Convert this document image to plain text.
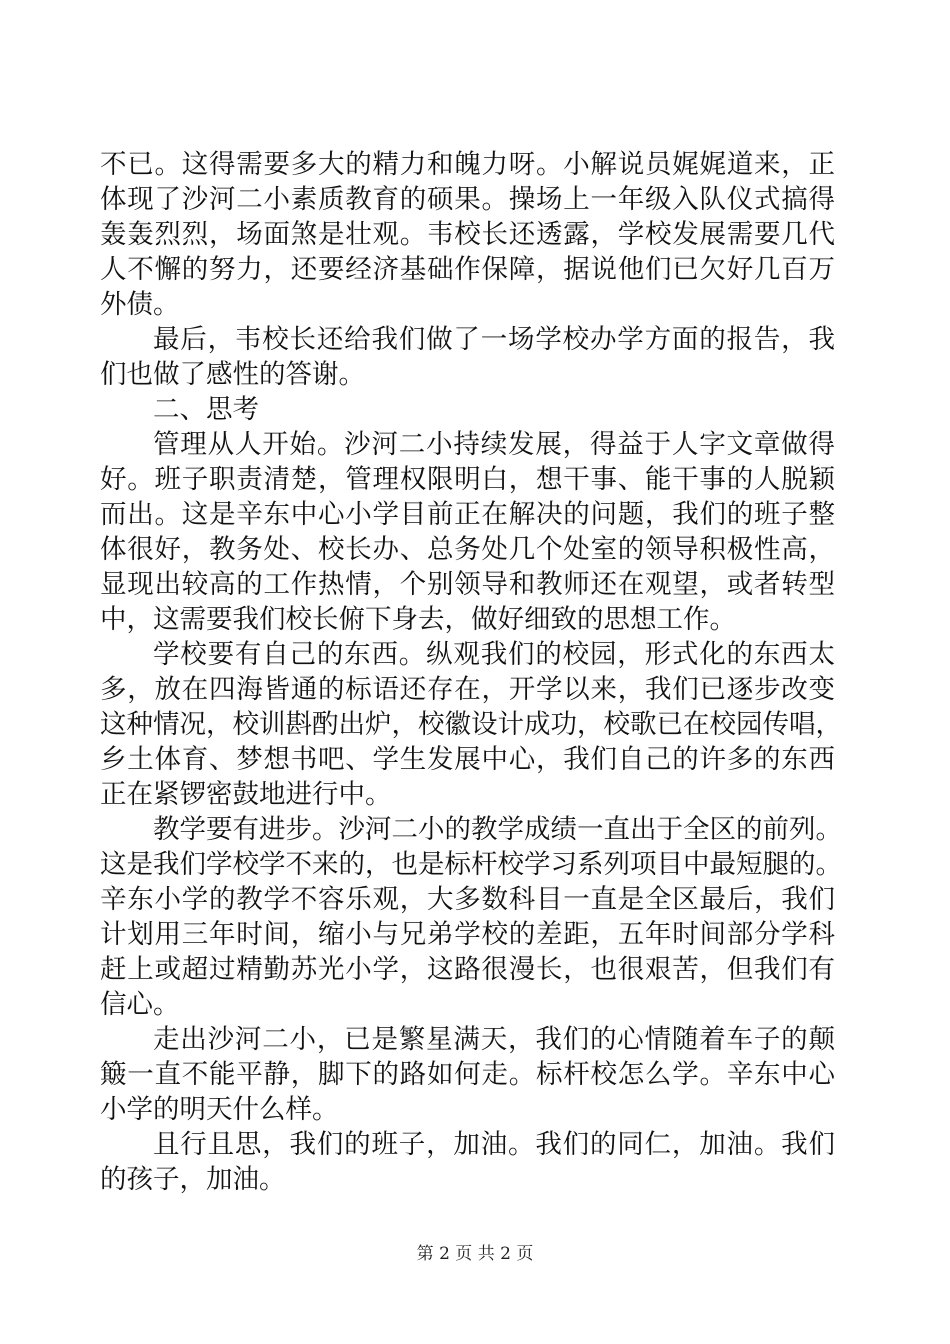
不已。这得需要多大的精力和魄力呀。小解说员娓娓道来，正
体现了沙河二小素质教育的硕果。操场上一年级入队仪式搞得
轰轰烈烈，场面煞是壮观。韦校长还透露，学校发展需要几代
人不懈的努力，还要经济基础作保障，据说他们已欠好几百万
外债。
最后，韦校长还给我们做了一场学校办学方面的报告，我
们也做了感性的答谢。
二、思考
管理从人开始。沙河二小持续发展，得益于人字文章做得
好。班子职责清楚，管理权限明白，想干事、能干事的人脱颖
而出。这是辛东中心小学目前正在解决的问题，我们的班子整
体很好，教务处、校长办、总务处几个处室的领导积极性高，
显现出较高的工作热情，个别领导和教师还在观望，或者转型
中，这需要我们校长俯下身去，做好细致的思想工作。
学校要有自己的东西。纵观我们的校园，形式化的东西太
多，放在四海皆通的标语还存在，开学以来，我们已逐步改变
这种情况，校训斟酌出炉，校徽设计成功，校歌已在校园传唱，
乡土体育、梦想书吧、学生发展中心，我们自己的许多的东西
正在紧锣密鼓地进行中。
教学要有进步。沙河二小的教学成绩一直出于全区的前列。
这是我们学校学不来的，也是标杆校学习系列项目中最短腿的。
辛东小学的教学不容乐观，大多数科目一直是全区最后，我们
计划用三年时间，缩小与兄弟学校的差距，五年时间部分学科
赶上或超过精勤苏光小学，这路很漫长，也很艰苦，但我们有
信心。
走出沙河二小，已是繁星满天，我们的心情随着车子的颠
簸一直不能平静，脚下的路如何走。标杆校怎么学。辛东中心
小学的明天什么样。
且行且思，我们的班子，加油。我们的同仁，加油。我们
的孩子，加油。
第 2 页 共 2 页
